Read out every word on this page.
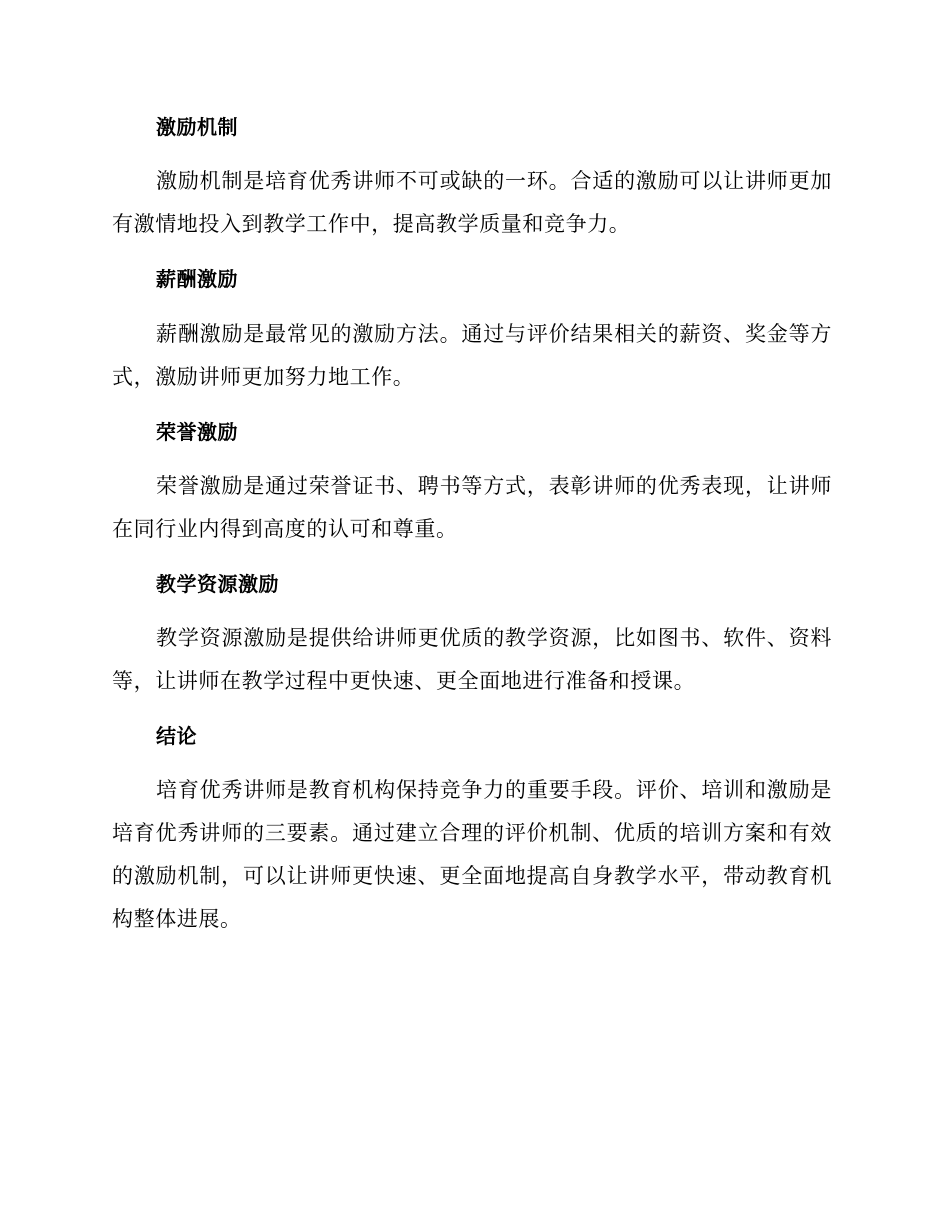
激励机制

激励机制是培育优秀讲师不可或缺的一环。合适的激励可以让讲师更加有激情地投入到教学工作中，提高教学质量和竞争力。

薪酬激励

薪酬激励是最常见的激励方法。通过与评价结果相关的薪资、奖金等方式，激励讲师更加努力地工作。

荣誉激励

荣誉激励是通过荣誉证书、聘书等方式，表彰讲师的优秀表现，让讲师在同行业内得到高度的认可和尊重。

教学资源激励

教学资源激励是提供给讲师更优质的教学资源，比如图书、软件、资料等，让讲师在教学过程中更快速、更全面地进行准备和授课。

结论

培育优秀讲师是教育机构保持竞争力的重要手段。评价、培训和激励是培育优秀讲师的三要素。通过建立合理的评价机制、优质的培训方案和有效的激励机制，可以让讲师更快速、更全面地提高自身教学水平，带动教育机构整体进展。
